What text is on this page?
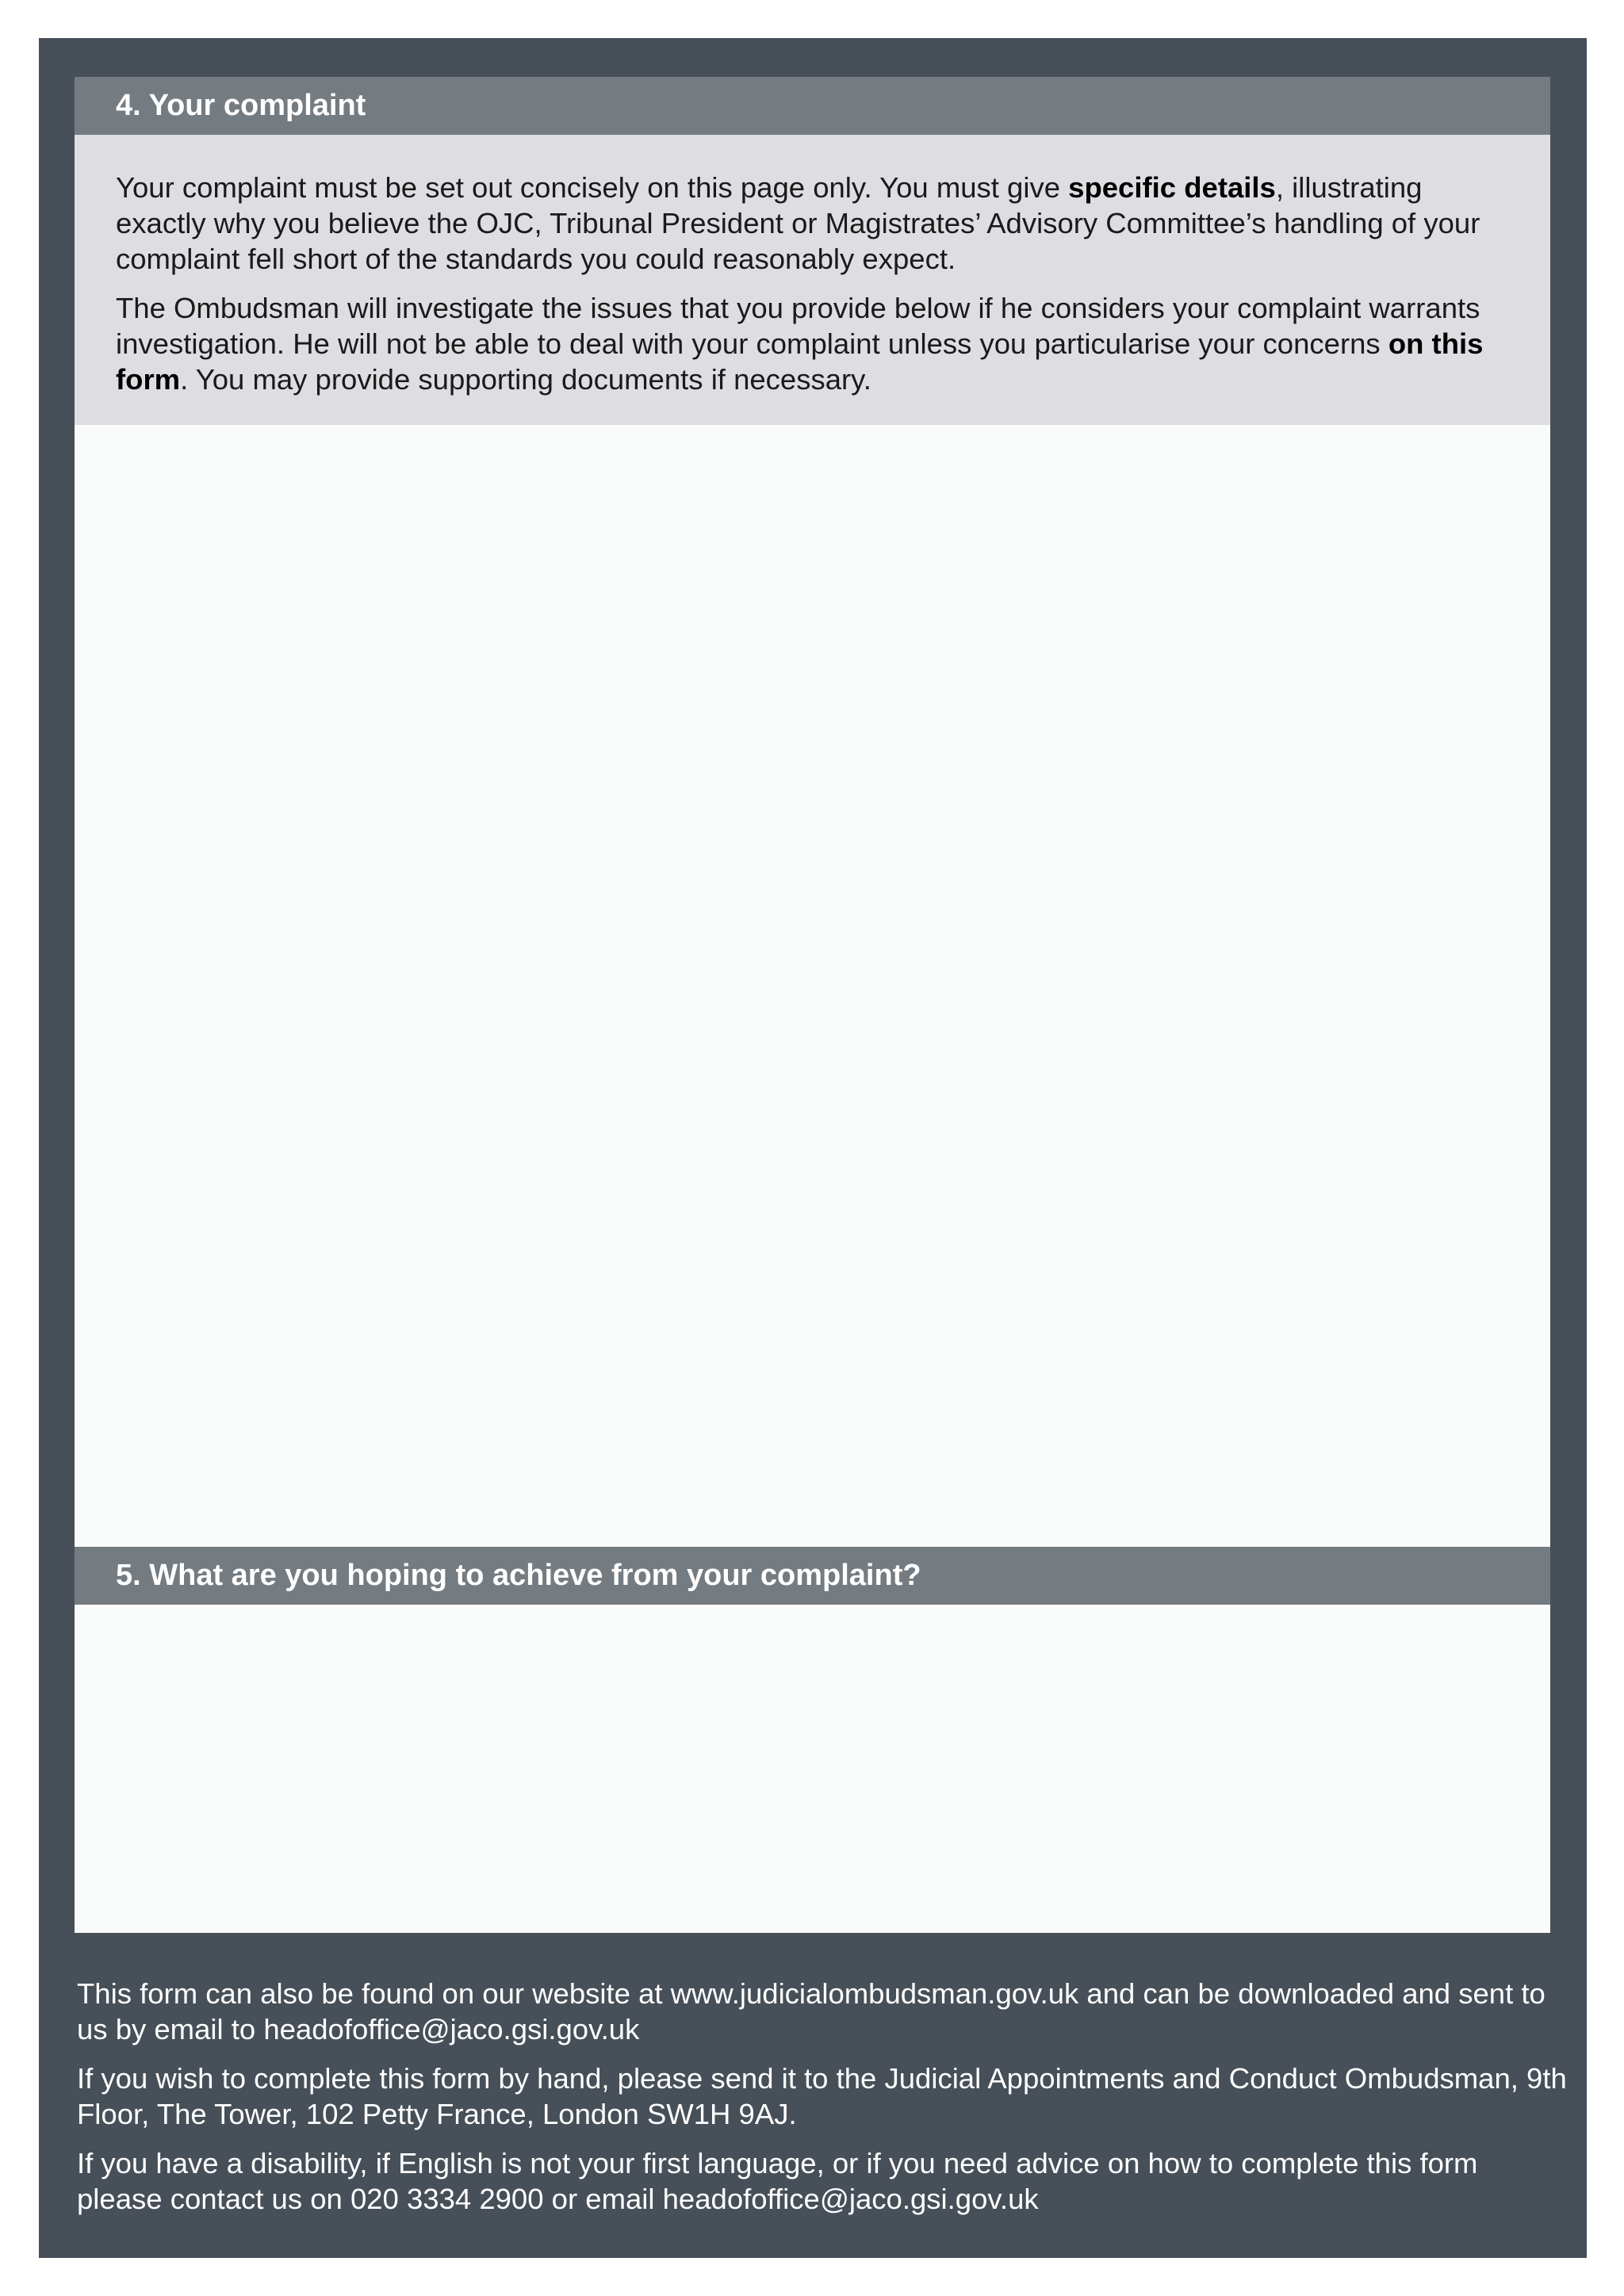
4. Your complaint

Your complaint must be set out concisely on this page only. You must give specific details, illustrating exactly why you believe the OJC, Tribunal President or Magistrates’ Advisory Committee’s handling of your complaint fell short of the standards you could reasonably expect.

The Ombudsman will investigate the issues that you provide below if he considers your complaint warrants investigation. He will not be able to deal with your complaint unless you particularise your concerns on this form. You may provide supporting documents if necessary.

5. What are you hoping to achieve from your complaint?

This form can also be found on our website at www.judicialombudsman.gov.uk and can be downloaded and sent to us by email to headofoffice@jaco.gsi.gov.uk

If you wish to complete this form by hand, please send it to the Judicial Appointments and Conduct Ombudsman, 9th Floor, The Tower, 102 Petty France, London SW1H 9AJ.

If you have a disability, if English is not your first language, or if you need advice on how to complete this form please contact us on 020 3334 2900 or email headofoffice@jaco.gsi.gov.uk
